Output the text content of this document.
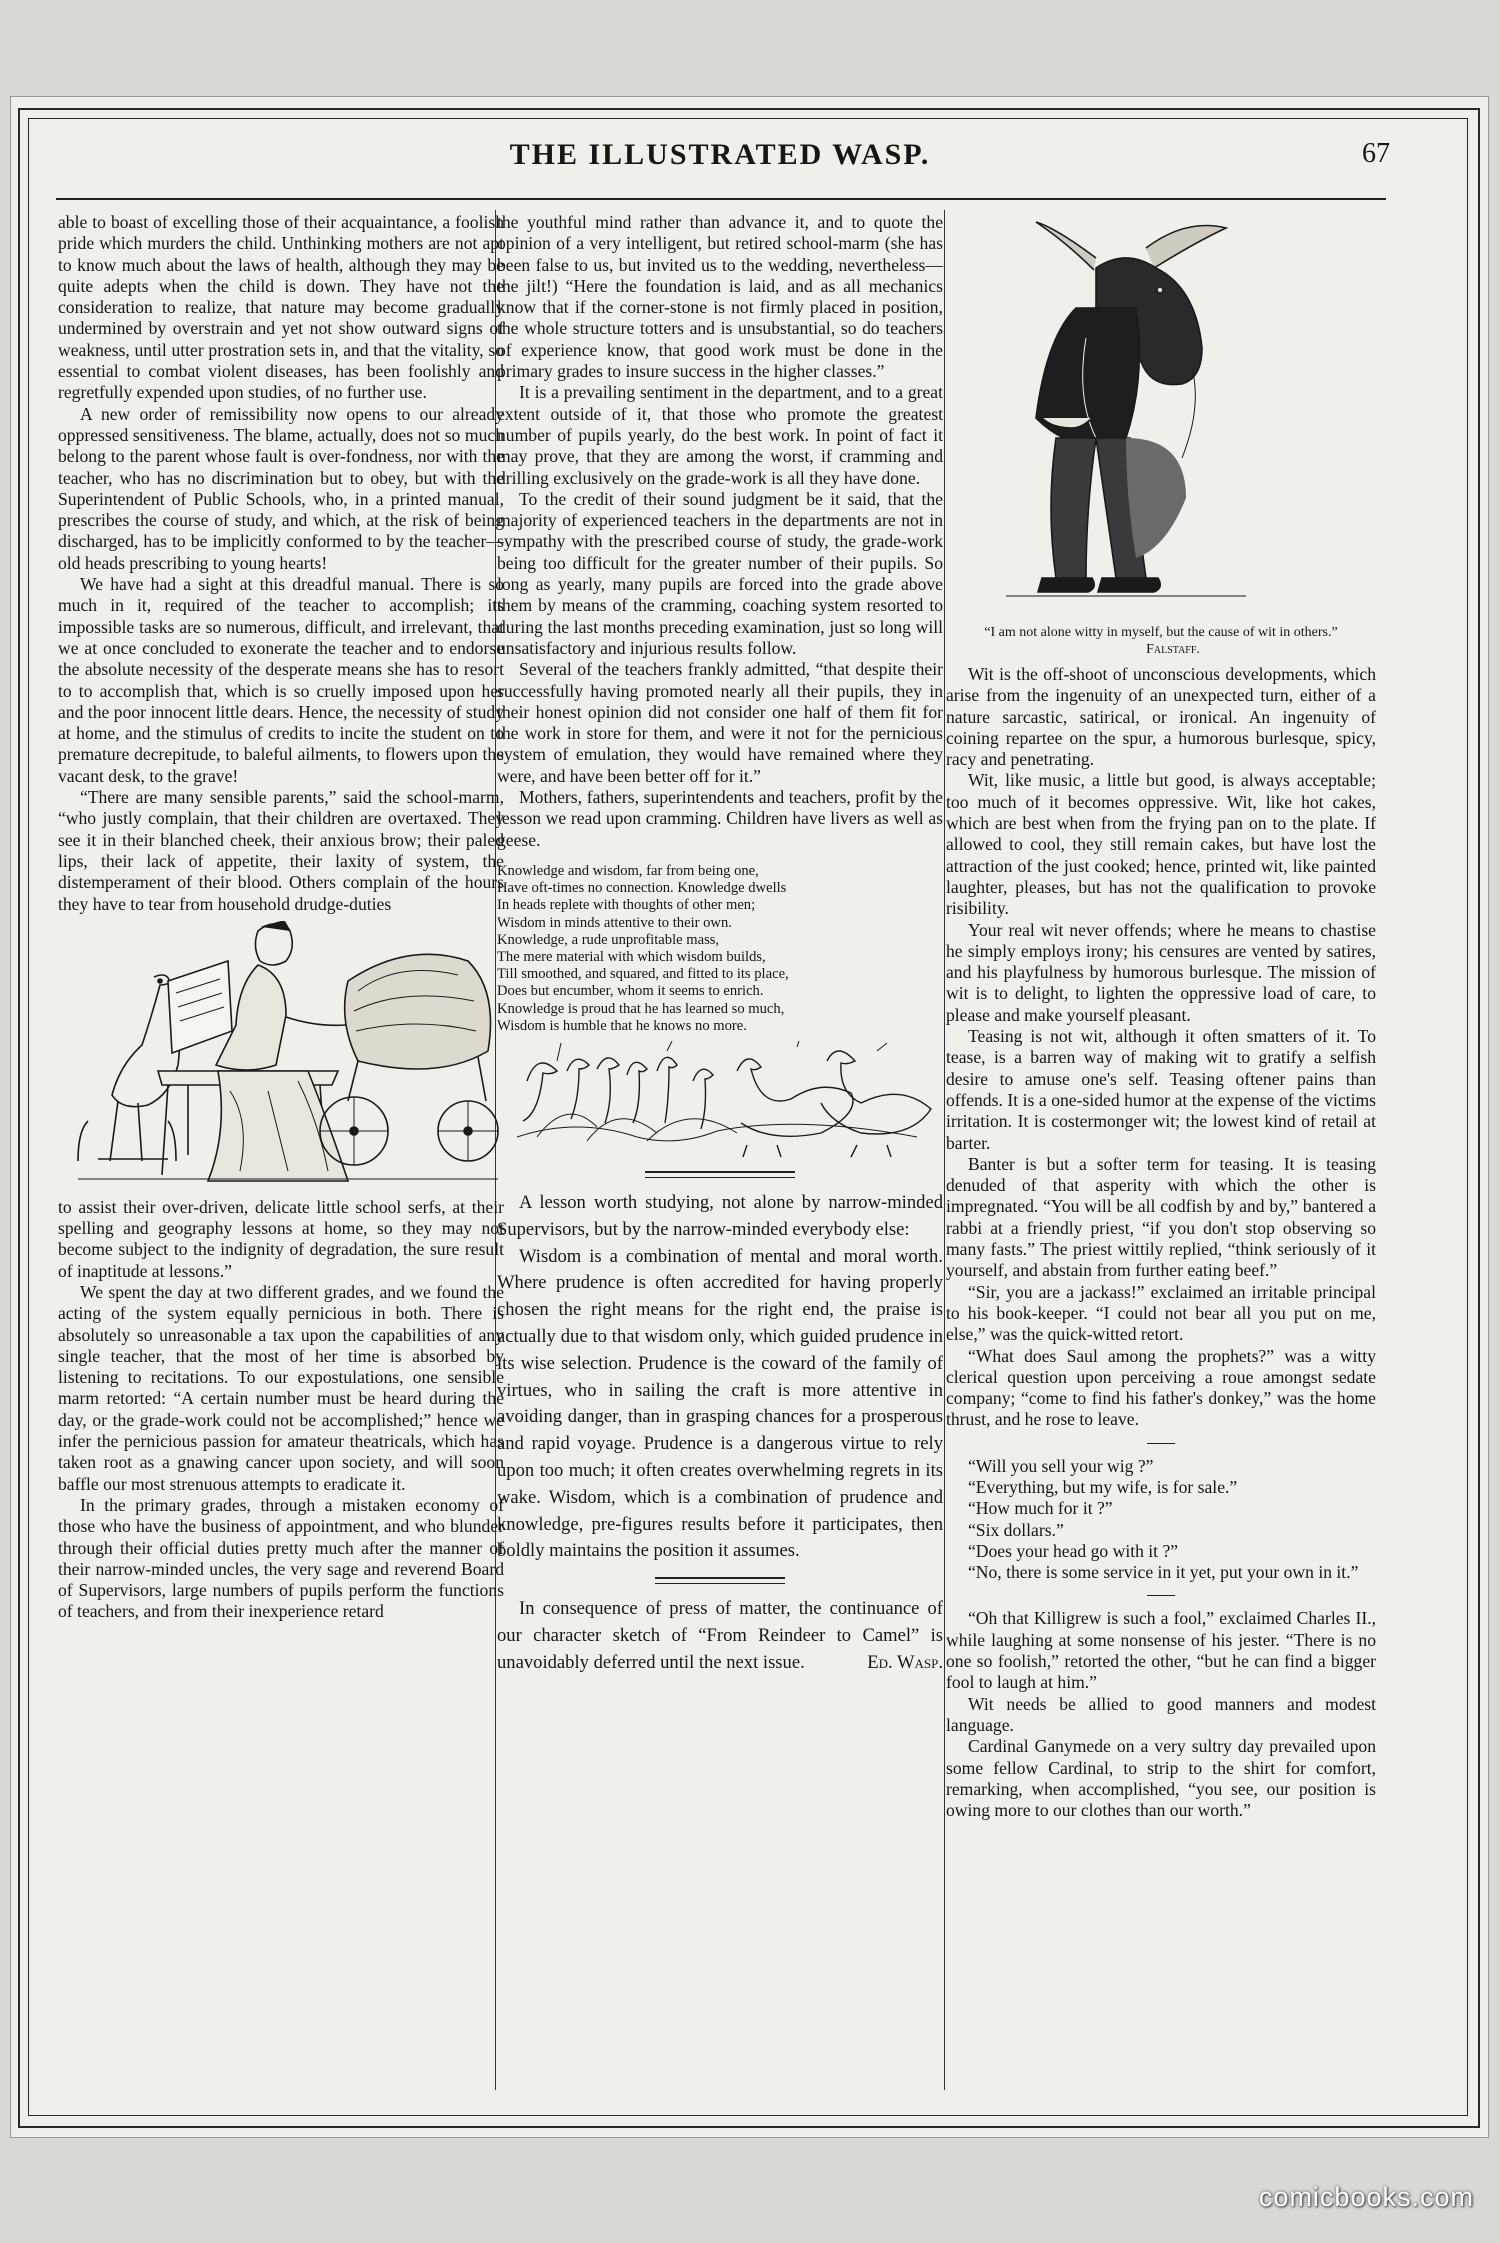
THE ILLUSTRATED WASP.	67

able to boast of excelling those of their acquaintance, a foolish pride which murders the child. Unthinking mothers are not apt to know much about the laws of health, although they may be quite adepts when the child is down. They have not the consideration to realize, that nature may become gradually undermined by overstrain and yet not show outward signs of weakness, until utter prostration sets in, and that the vitality, so essential to combat violent diseases, has been foolishly and regretfully expended upon studies, of no further use.

A new order of remissibility now opens to our already oppressed sensitiveness. The blame, actually, does not so much belong to the parent whose fault is over-fondness, nor with the teacher, who has no discrimination but to obey, but with the Superintendent of Public Schools, who, in a printed manual, prescribes the course of study, and which, at the risk of being discharged, has to be implicitly conformed to by the teacher—old heads prescribing to young hearts!

We have had a sight at this dreadful manual. There is so much in it, required of the teacher to accomplish; its impossible tasks are so numerous, difficult, and irrelevant, that we at once concluded to exonerate the teacher and to endorse the absolute necessity of the desperate means she has to resort to to accomplish that, which is so cruelly imposed upon her and the poor innocent little dears. Hence, the necessity of study at home, and the stimulus of credits to incite the student on to premature decrepitude, to baleful ailments, to flowers upon the vacant desk, to the grave!

“There are many sensible parents,” said the school-marm, “who justly complain, that their children are overtaxed. They see it in their blanched cheek, their anxious brow; their paled lips, their lack of appetite, their laxity of system, the distemperament of their blood. Others complain of the hours they have to tear from household drudge-duties

to assist their over-driven, delicate little school serfs, at their spelling and geography lessons at home, so they may not become subject to the indignity of degradation, the sure result of inaptitude at lessons.”

We spent the day at two different grades, and we found the acting of the system equally pernicious in both. There is absolutely so unreasonable a tax upon the capabilities of any single teacher, that the most of her time is absorbed by listening to recitations. To our expostulations, one sensible marm retorted: “A certain number must be heard during the day, or the grade-work could not be accomplished;” hence we infer the pernicious passion for amateur theatricals, which has taken root as a gnawing cancer upon society, and will soon baffle our most strenuous attempts to eradicate it.

In the primary grades, through a mistaken economy of those who have the business of appointment, and who blunder through their official duties pretty much after the manner of their narrow-minded uncles, the very sage and reverend Board of Supervisors, large numbers of pupils perform the functions of teachers, and from their inexperience retard

the youthful mind rather than advance it, and to quote the opinion of a very intelligent, but retired school-marm (she has been false to us, but invited us to the wedding, nevertheless—the jilt!) “Here the foundation is laid, and as all mechanics know that if the corner-stone is not firmly placed in position, the whole structure totters and is unsubstantial, so do teachers of experience know, that good work must be done in the primary grades to insure success in the higher classes.”

It is a prevailing sentiment in the department, and to a great extent outside of it, that those who promote the greatest number of pupils yearly, do the best work. In point of fact it may prove, that they are among the worst, if cramming and drilling exclusively on the grade-work is all they have done.

To the credit of their sound judgment be it said, that the majority of experienced teachers in the departments are not in sympathy with the prescribed course of study, the grade-work being too difficult for the greater number of their pupils. So long as yearly, many pupils are forced into the grade above them by means of the cramming, coaching system resorted to during the last months preceding examination, just so long will unsatisfactory and injurious results follow.

Several of the teachers frankly admitted, “that despite their successfully having promoted nearly all their pupils, they in their honest opinion did not consider one half of them fit for the work in store for them, and were it not for the pernicious system of emulation, they would have remained where they were, and have been better off for it.”

Mothers, fathers, superintendents and teachers, profit by the lesson we read upon cramming. Children have livers as well as geese.

Knowledge and wisdom, far from being one,
Have oft-times no connection. Knowledge dwells
In heads replete with thoughts of other men;
Wisdom in minds attentive to their own.
Knowledge, a rude unprofitable mass,
The mere material with which wisdom builds,
Till smoothed, and squared, and fitted to its place,
Does but encumber, whom it seems to enrich.
Knowledge is proud that he has learned so much,
Wisdom is humble that he knows no more.

A lesson worth studying, not alone by narrow-minded Supervisors, but by the narrow-minded everybody else:

Wisdom is a combination of mental and moral worth. Where prudence is often accredited for having properly chosen the right means for the right end, the praise is actually due to that wisdom only, which guided prudence in its wise selection. Prudence is the coward of the family of virtues, who in sailing the craft is more attentive in avoiding danger, than in grasping chances for a prosperous and rapid voyage. Prudence is a dangerous virtue to rely upon too much; it often creates overwhelming regrets in its wake. Wisdom, which is a combination of prudence and knowledge, pre-figures results before it participates, then boldly maintains the position it assumes.

In consequence of press of matter, the continuance of our character sketch of “From Reindeer to Camel” is unavoidably deferred until the next issue.	Ed. Wasp.

“I am not alone witty in myself, but the cause of wit in others.” Falstaff.

Wit is the off-shoot of unconscious developments, which arise from the ingenuity of an unexpected turn, either of a nature sarcastic, satirical, or ironical. An ingenuity of coining repartee on the spur, a humorous burlesque, spicy, racy and penetrating.

Wit, like music, a little but good, is always acceptable; too much of it becomes oppressive. Wit, like hot cakes, which are best when from the frying pan on to the plate. If allowed to cool, they still remain cakes, but have lost the attraction of the just cooked; hence, printed wit, like painted laughter, pleases, but has not the qualification to provoke risibility.

Your real wit never offends; where he means to chastise he simply employs irony; his censures are vented by satires, and his playfulness by humorous burlesque. The mission of wit is to delight, to lighten the oppressive load of care, to please and make yourself pleasant.

Teasing is not wit, although it often smatters of it. To tease, is a barren way of making wit to gratify a selfish desire to amuse one's self. Teasing oftener pains than offends. It is a one-sided humor at the expense of the victims irritation. It is costermonger wit; the lowest kind of retail at barter.

Banter is but a softer term for teasing. It is teasing denuded of that asperity with which the other is impregnated. “You will be all codfish by and by,” bantered a rabbi at a friendly priest, “if you don't stop observing so many fasts.” The priest wittily replied, “think seriously of it yourself, and abstain from further eating beef.”

“Sir, you are a jackass!” exclaimed an irritable principal to his book-keeper. “I could not bear all you put on me, else,” was the quick-witted retort.

“What does Saul among the prophets?” was a witty clerical question upon perceiving a roue amongst sedate company; “come to find his father's donkey,” was the home thrust, and he rose to leave.

“Will you sell your wig ?”

“Everything, but my wife, is for sale.”

“How much for it ?”

“Six dollars.”

“Does your head go with it ?”

“No, there is some service in it yet, put your own in it.”

“Oh that Killigrew is such a fool,” exclaimed Charles II., while laughing at some nonsense of his jester. “There is no one so foolish,” retorted the other, “but he can find a bigger fool to laugh at him.”

Wit needs be allied to good manners and modest language.

Cardinal Ganymede on a very sultry day prevailed upon some fellow Cardinal, to strip to the shirt for comfort, remarking, when accomplished, “you see, our position is owing more to our clothes than our worth.”

comicbooks.com
